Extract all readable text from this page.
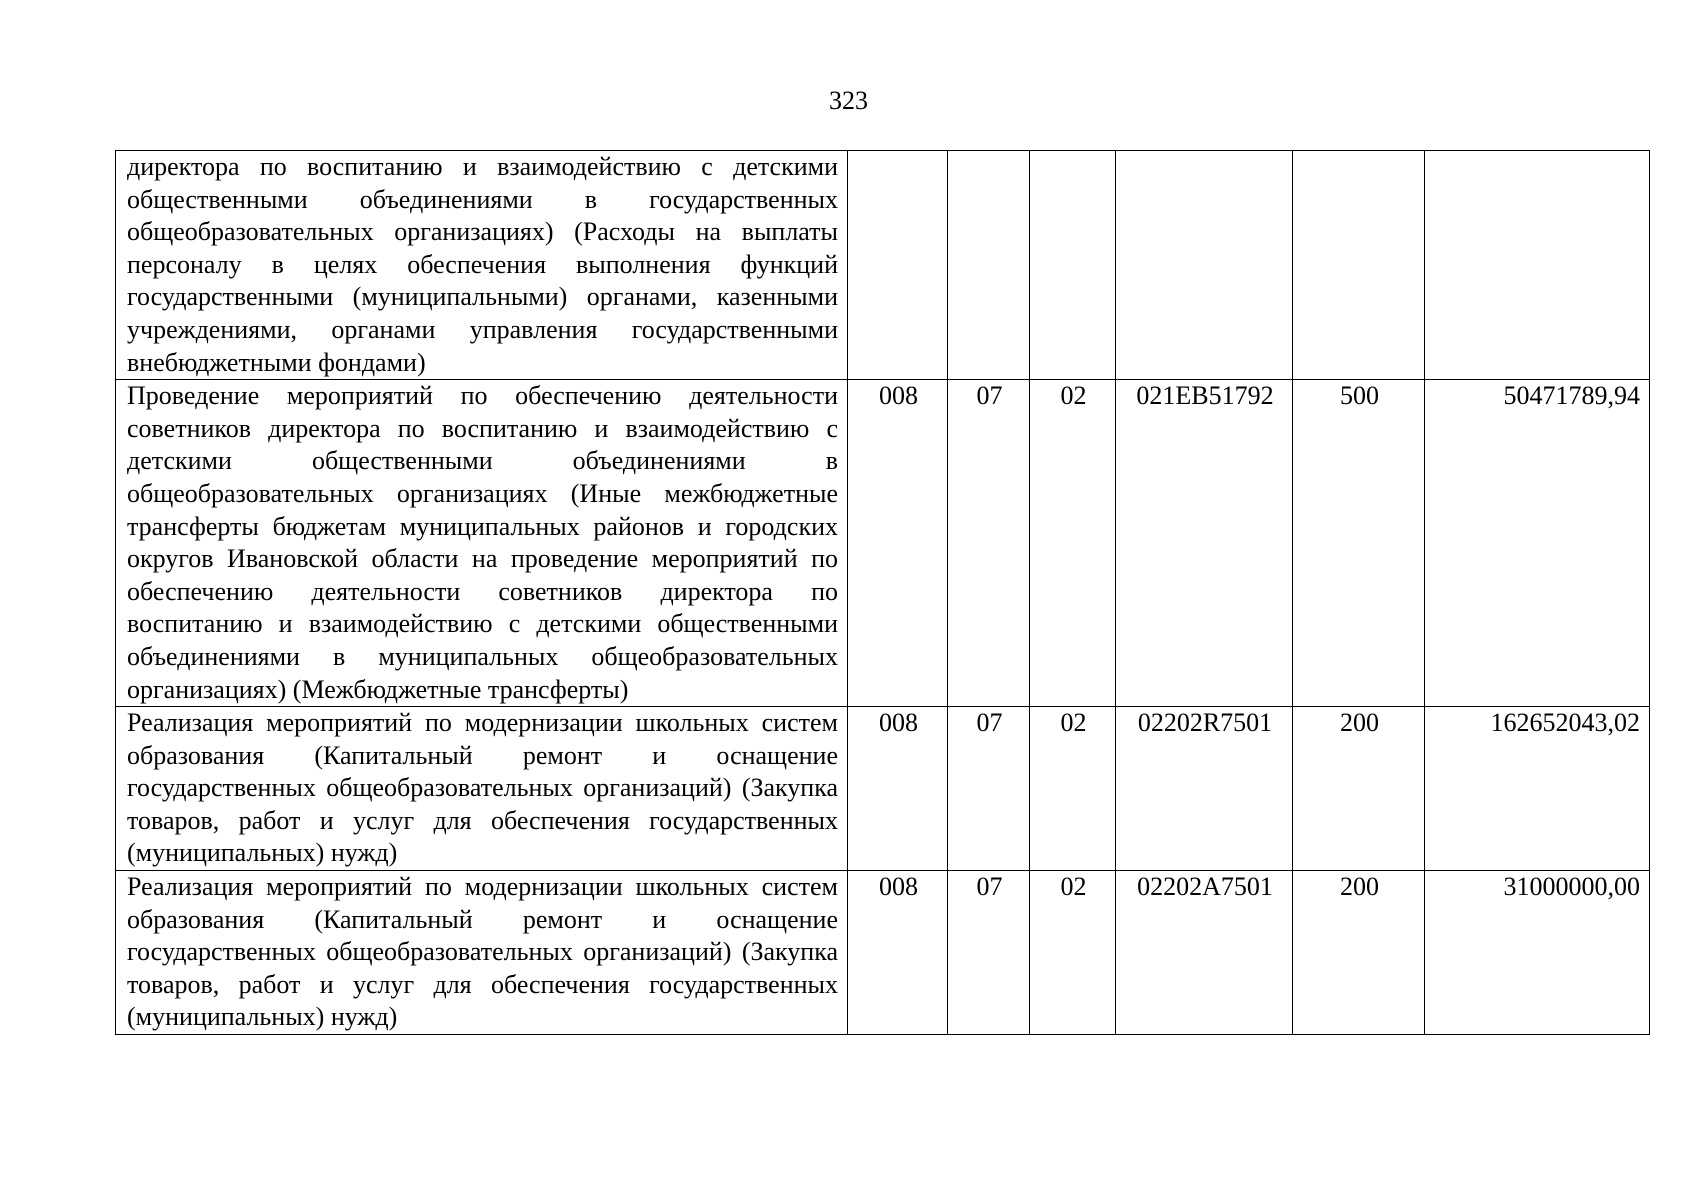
323
директора по воспитанию и взаимодействию с детскими общественными объединениями в государственных общеобразовательных организациях) (Расходы на выплаты персоналу в целях обеспечения выполнения функций государственными (муниципальными) органами, казенными учреждениями, органами управления государственными внебюджетными фондами)						
Проведение мероприятий по обеспечению деятельности советников директора по воспитанию и взаимодействию с детскими общественными объединениями в общеобразовательных организациях (Иные межбюджетные трансферты бюджетам муниципальных районов и городских округов Ивановской области на проведение мероприятий по обеспечению деятельности советников директора по воспитанию и взаимодействию с детскими общественными объединениями в муниципальных общеобразовательных организациях) (Межбюджетные трансферты)	008	07	02	021EB51792	500	50471789,94
Реализация мероприятий по модернизации школьных систем образования (Капитальный ремонт и оснащение государственных общеобразовательных организаций) (Закупка товаров, работ и услуг для обеспечения государственных (муниципальных) нужд)	008	07	02	02202R7501	200	162652043,02
Реализация мероприятий по модернизации школьных систем образования (Капитальный ремонт и оснащение государственных общеобразовательных организаций) (Закупка товаров, работ и услуг для обеспечения государственных (муниципальных) нужд)	008	07	02	02202А7501	200	31000000,00
